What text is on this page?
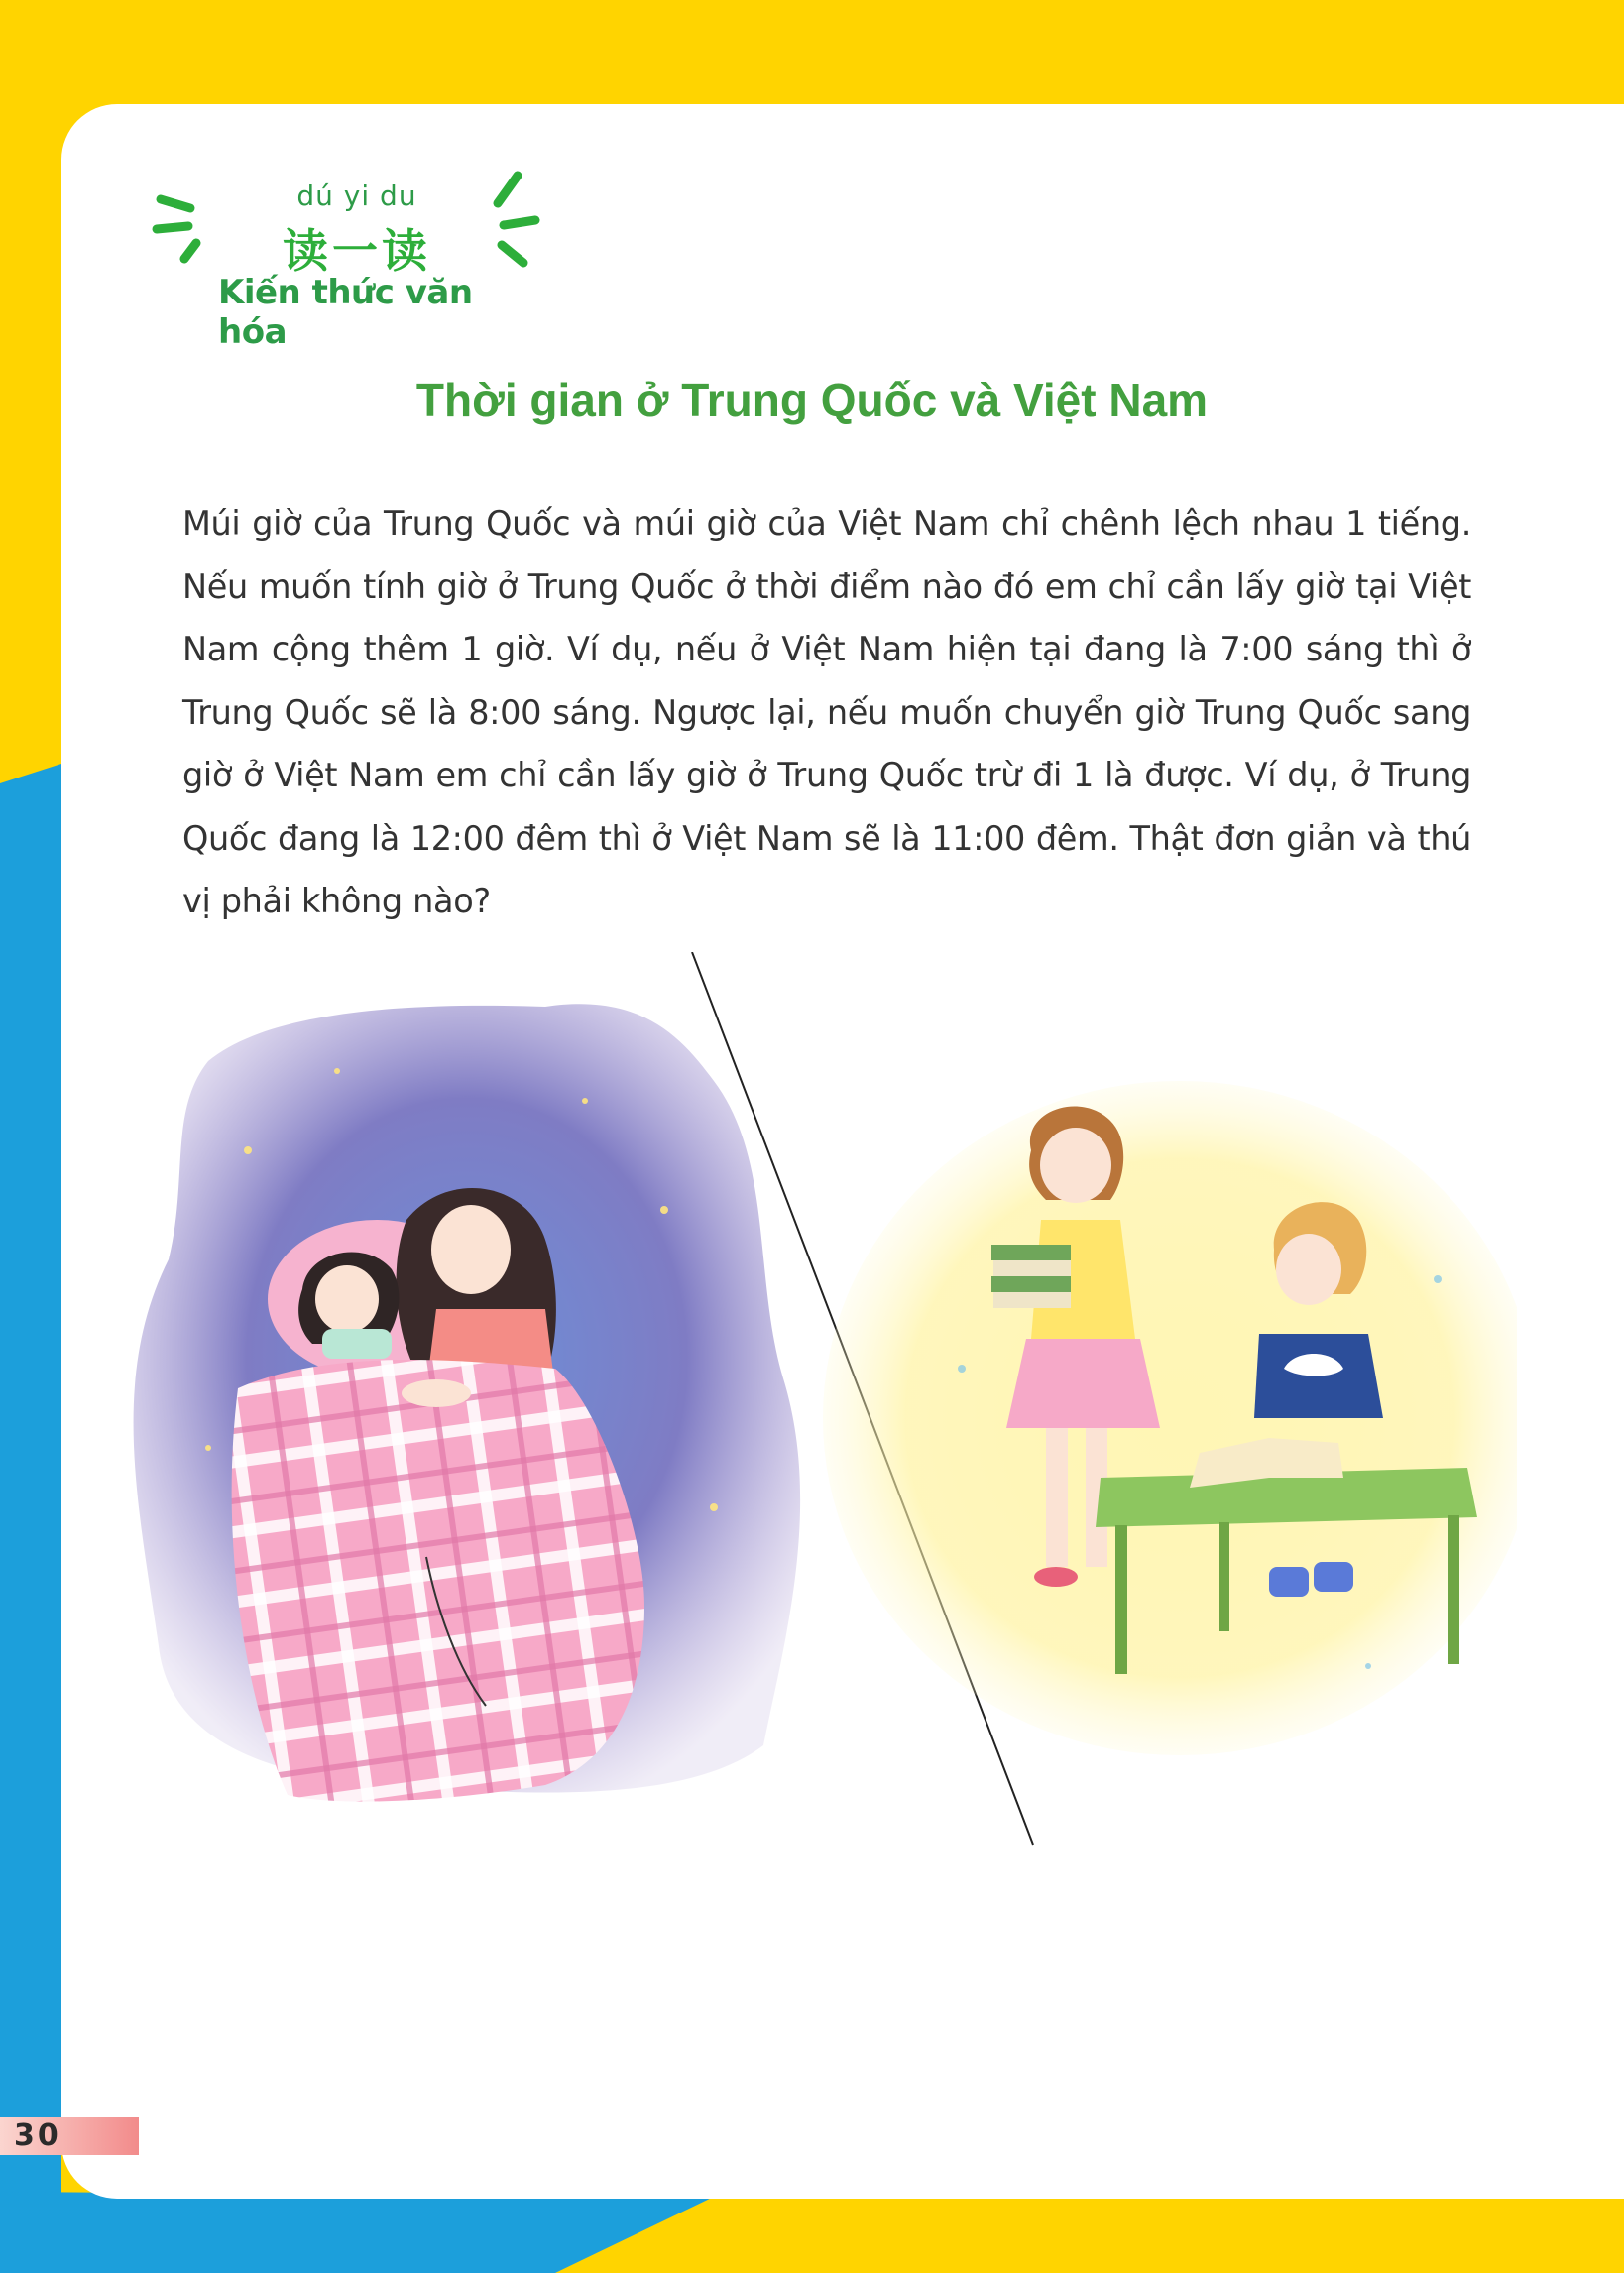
dú yi du
读一读
Kiến thức văn hóa
Thời gian ở Trung Quốc và Việt Nam
Múi giờ của Trung Quốc và múi giờ của Việt Nam chỉ chênh lệch nhau 1 tiếng. Nếu muốn tính giờ ở Trung Quốc ở thời điểm nào đó em chỉ cần lấy giờ tại Việt Nam cộng thêm 1 giờ. Ví dụ, nếu ở Việt Nam hiện tại đang là 7:00 sáng thì ở Trung Quốc sẽ là 8:00 sáng. Ngược lại, nếu muốn chuyển giờ Trung Quốc sang giờ ở Việt Nam em chỉ cần lấy giờ ở Trung Quốc trừ đi 1 là được. Ví dụ, ở Trung Quốc đang là 12:00 đêm thì ở Việt Nam sẽ là 11:00 đêm. Thật đơn giản và thú vị phải không nào?
30
